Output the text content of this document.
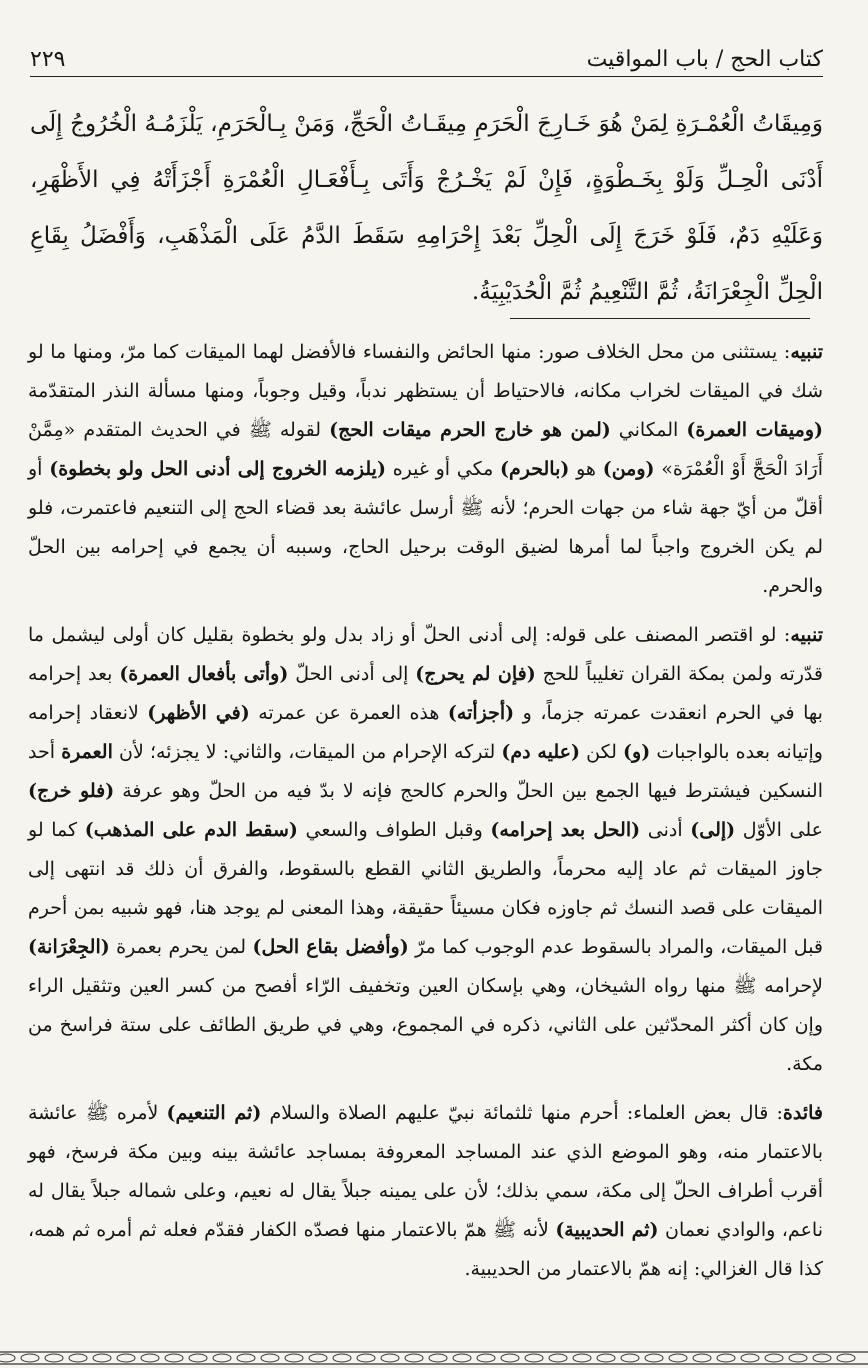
٢٢٩	كتاب الحج / باب المواقيت
وَمِيقَاتُ الْعُمْـرَةِ لِمَنْ هُوَ خَـارِجَ الْحَرَمِ مِيقَـاتُ الْحَجِّ، وَمَنْ بِـالْحَرَمِ، يَلْزَمُـهُ الْخُرُوجُ إِلَى أَدْنَى الْحِـلِّ وَلَوْ بِخَـطْوَةٍ، فَإِنْ لَمْ يَخْـرُجْ وَأَتَى بِـأَفْعَـالِ الْعُمْرَةِ أَجْزَأَتْهُ فِي الأَظْهَرِ، وَعَلَيْهِ دَمٌ، فَلَوْ خَرَجَ إِلَى الْحِلِّ بَعْدَ إِحْرَامِهِ سَقَطَ الدَّمُ عَلَى الْمَذْهَبِ، وَأَفْضَلُ بِقَاعِ الْحِلِّ الْجِعْرَانَةُ، ثُمَّ التَّنْعِيمُ ثُمَّ الْحُدَيْبِيَةُ.

تنبيه: يستثنى من محل الخلاف صور: منها الحائض والنفساء فالأفضل لهما الميقات كما مرّ، ومنها ما لو شك في الميقات لخراب مكانه، فالاحتياط أن يستظهر ندباً، وقيل وجوباً، ومنها مسألة النذر المتقدّمة (وميقات العمرة) المكاني (لمن هو خارج الحرم ميقات الحج) لقوله ﷺ في الحديث المتقدم «مِمَّنْ أَرَادَ الْحَجَّ أَوْ الْعُمْرَة» (ومن) هو (بالحرم) مكي أو غيره (يلزمه الخروج إلى أدنى الحل ولو بخطوة) أو أقلّ من أيّ جهة شاء من جهات الحرم؛ لأنه ﷺ أرسل عائشة بعد قضاء الحج إلى التنعيم فاعتمرت، فلو لم يكن الخروج واجباً لما أمرها لضيق الوقت برحيل الحاج، وسببه أن يجمع في إحرامه بين الحلّ والحرم.

تنبيه: لو اقتصر المصنف على قوله: إلى أدنى الحلّ أو زاد بدل ولو بخطوة بقليل كان أولى ليشمل ما قدّرته ولمن بمكة القران تغليباً للحج (فإن لم يحرج) إلى أدنى الحلّ (وأتى بأفعال العمرة) بعد إحرامه بها في الحرم انعقدت عمرته جزماً، و (أجزأته) هذه العمرة عن عمرته (في الأظهر) لانعقاد إحرامه وإتيانه بعده بالواجبات (و) لكن (عليه دم) لتركه الإحرام من الميقات، والثاني: لا يجزئه؛ لأن العمرة أحد النسكين فيشترط فيها الجمع بين الحلّ والحرم كالحج فإنه لا بدّ فيه من الحلّ وهو عرفة (فلو خرج) على الأوّل (إلى) أدنى (الحل بعد إحرامه) وقبل الطواف والسعي (سقط الدم على المذهب) كما لو جاوز الميقات ثم عاد إليه محرماً، والطريق الثاني القطع بالسقوط، والفرق أن ذلك قد انتهى إلى الميقات على قصد النسك ثم جاوزه فكان مسيئاً حقيقة، وهذا المعنى لم يوجد هنا، فهو شبيه بمن أحرم قبل الميقات، والمراد بالسقوط عدم الوجوب كما مرّ (وأفضل بقاع الحل) لمن يحرم بعمرة (الجِعْرَانة) لإحرامه ﷺ منها رواه الشيخان، وهي بإسكان العين وتخفيف الرّاء أفصح من كسر العين وتثقيل الراء وإن كان أكثر المحدّثين على الثاني، ذكره في المجموع، وهي في طريق الطائف على ستة فراسخ من مكة.

فائدة: قال بعض العلماء: أحرم منها ثلثمائة نبيّ عليهم الصلاة والسلام (ثم التنعيم) لأمره ﷺ عائشة بالاعتمار منه، وهو الموضع الذي عند المساجد المعروفة بمساجد عائشة بينه وبين مكة فرسخ، فهو أقرب أطراف الحلّ إلى مكة، سمي بذلك؛ لأن على يمينه جبلاً يقال له نعيم، وعلى شماله جبلاً يقال له ناعم، والوادي نعمان (ثم الحديبية) لأنه ﷺ همّ بالاعتمار منها فصدّه الكفار فقدّم فعله ثم أمره ثم همه، كذا قال الغزالي: إنه همّ بالاعتمار من الحديبية.
